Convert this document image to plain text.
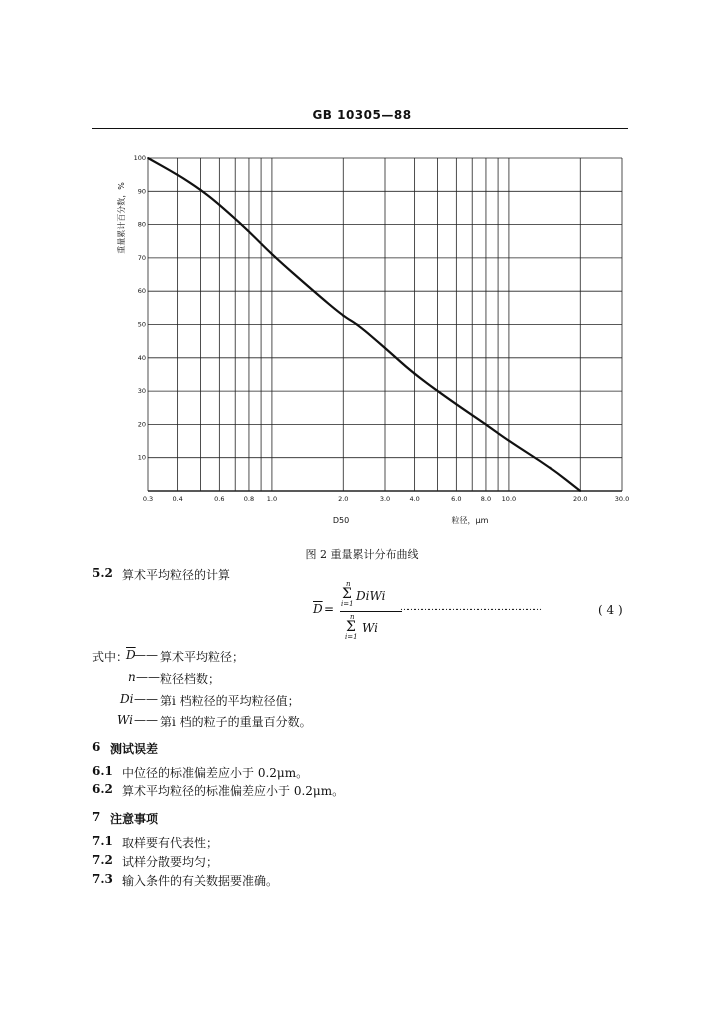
GB 10305—88
0.3	0.4	0.6	0.8 1.0	2.0	3.0	4.0	6.0	8.0 10.0	20.0	30.0
10
20
30
40
50
60
70
80
90
100
重量累计百分数，%
粒径，μm
D50
图 2 重量累计分布曲线
5.2 算术平均粒径的计算
$\overline{D}$ =
n
Σ
i=1
DiWi
n
Σ
i=1
Wi
……………………………………………………	( 4 )
式中：
$\overline{D}$
—— 算术平均粒径；
n —— 粒径档数；
Di —— 第i 档粒径的平均粒径值；
Wi —— 第i 档的粒子的重量百分数。
6 测试误差
6.1 中位径的标准偏差应小于 0.2μm。
6.2 算术平均粒径的标准偏差应小于 0.2μm。
7 注意事项
7.1 取样要有代表性；
7.2 试样分散要均匀；
7.3 输入条件的有关数据要准确。
